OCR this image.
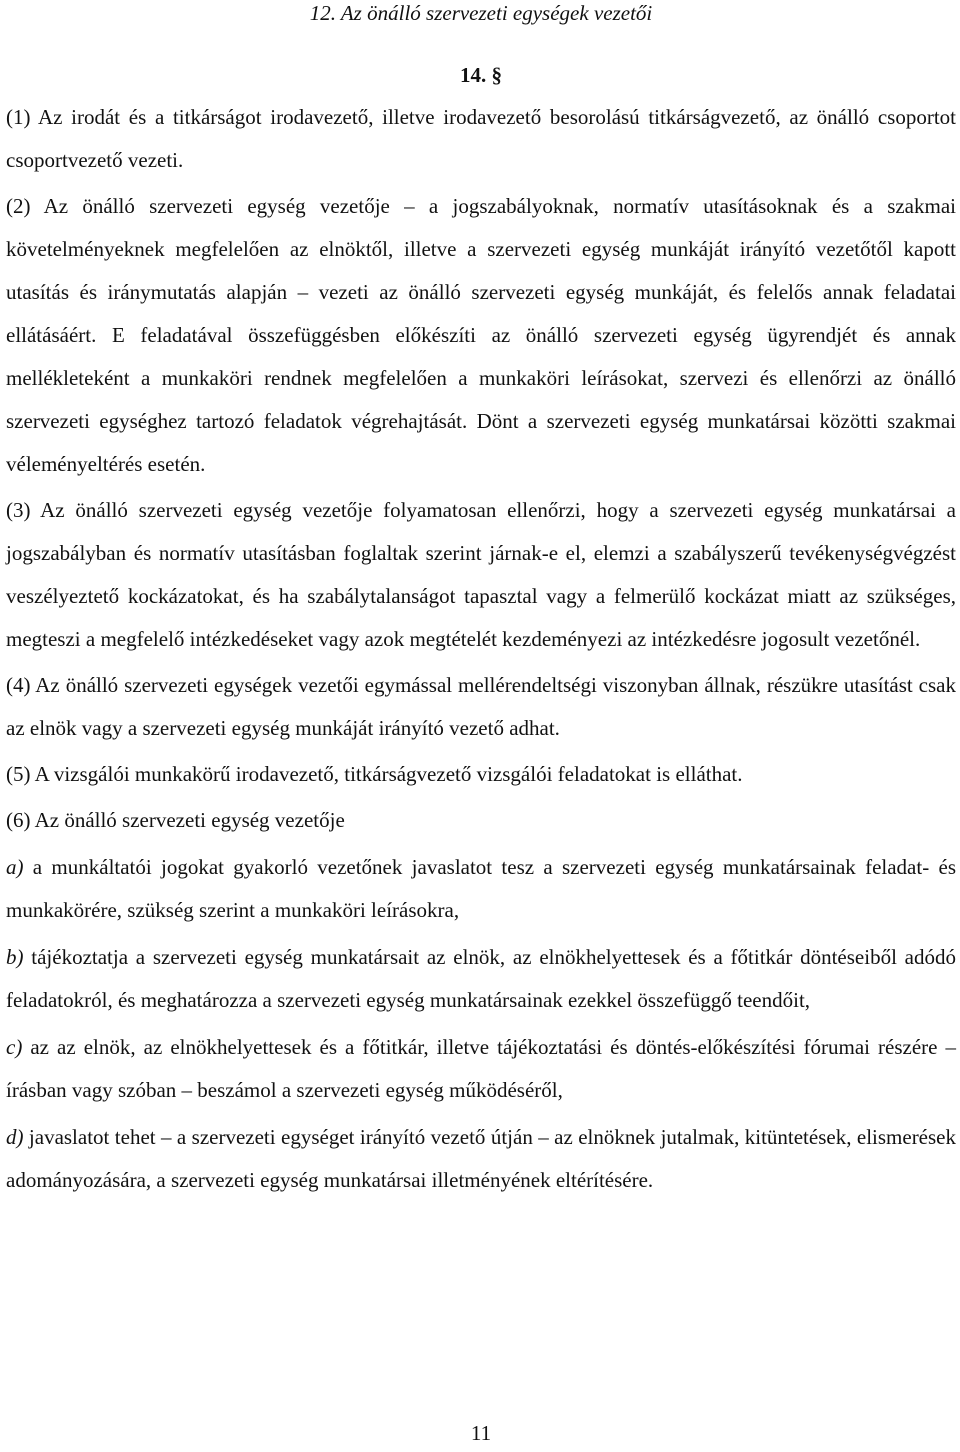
12. Az önálló szervezeti egységek vezetői

14. §

(1) Az irodát és a titkárságot irodavezető, illetve irodavezető besorolású titkárságvezető, az önálló csoportot csoportvezető vezeti.

(2) Az önálló szervezeti egység vezetője – a jogszabályoknak, normatív utasításoknak és a szakmai követelményeknek megfelelően az elnöktől, illetve a szervezeti egység munkáját irányító vezetőtől kapott utasítás és iránymutatás alapján – vezeti az önálló szervezeti egység munkáját, és felelős annak feladatai ellátásáért. E feladatával összefüggésben előkészíti az önálló szervezeti egység ügyrendjét és annak mellékleteként a munkaköri rendnek megfelelően a munkaköri leírásokat, szervezi és ellenőrzi az önálló szervezeti egységhez tartozó feladatok végrehajtását. Dönt a szervezeti egység munkatársai közötti szakmai véleményeltérés esetén.

(3) Az önálló szervezeti egység vezetője folyamatosan ellenőrzi, hogy a szervezeti egység munkatársai a jogszabályban és normatív utasításban foglaltak szerint járnak-e el, elemzi a szabályszerű tevékenységvégzést veszélyeztető kockázatokat, és ha szabálytalanságot tapasztal vagy a felmerülő kockázat miatt az szükséges, megteszi a megfelelő intézkedéseket vagy azok megtételét kezdeményezi az intézkedésre jogosult vezetőnél.

(4) Az önálló szervezeti egységek vezetői egymással mellérendeltségi viszonyban állnak, részükre utasítást csak az elnök vagy a szervezeti egység munkáját irányító vezető adhat.

(5) A vizsgálói munkakörű irodavezető, titkárságvezető vizsgálói feladatokat is elláthat.

(6) Az önálló szervezeti egység vezetője

a) a munkáltatói jogokat gyakorló vezetőnek javaslatot tesz a szervezeti egység munkatársainak feladat- és munkakörére, szükség szerint a munkaköri leírásokra,

b) tájékoztatja a szervezeti egység munkatársait az elnök, az elnökhelyettesek és a főtitkár döntéseiből adódó feladatokról, és meghatározza a szervezeti egység munkatársainak ezekkel összefüggő teendőit,

c) az az elnök, az elnökhelyettesek és a főtitkár, illetve tájékoztatási és döntés-előkészítési fórumai részére – írásban vagy szóban – beszámol a szervezeti egység működéséről,

d) javaslatot tehet – a szervezeti egységet irányító vezető útján – az elnöknek jutalmak, kitüntetések, elismerések adományozására, a szervezeti egység munkatársai illetményének eltérítésére.

11
